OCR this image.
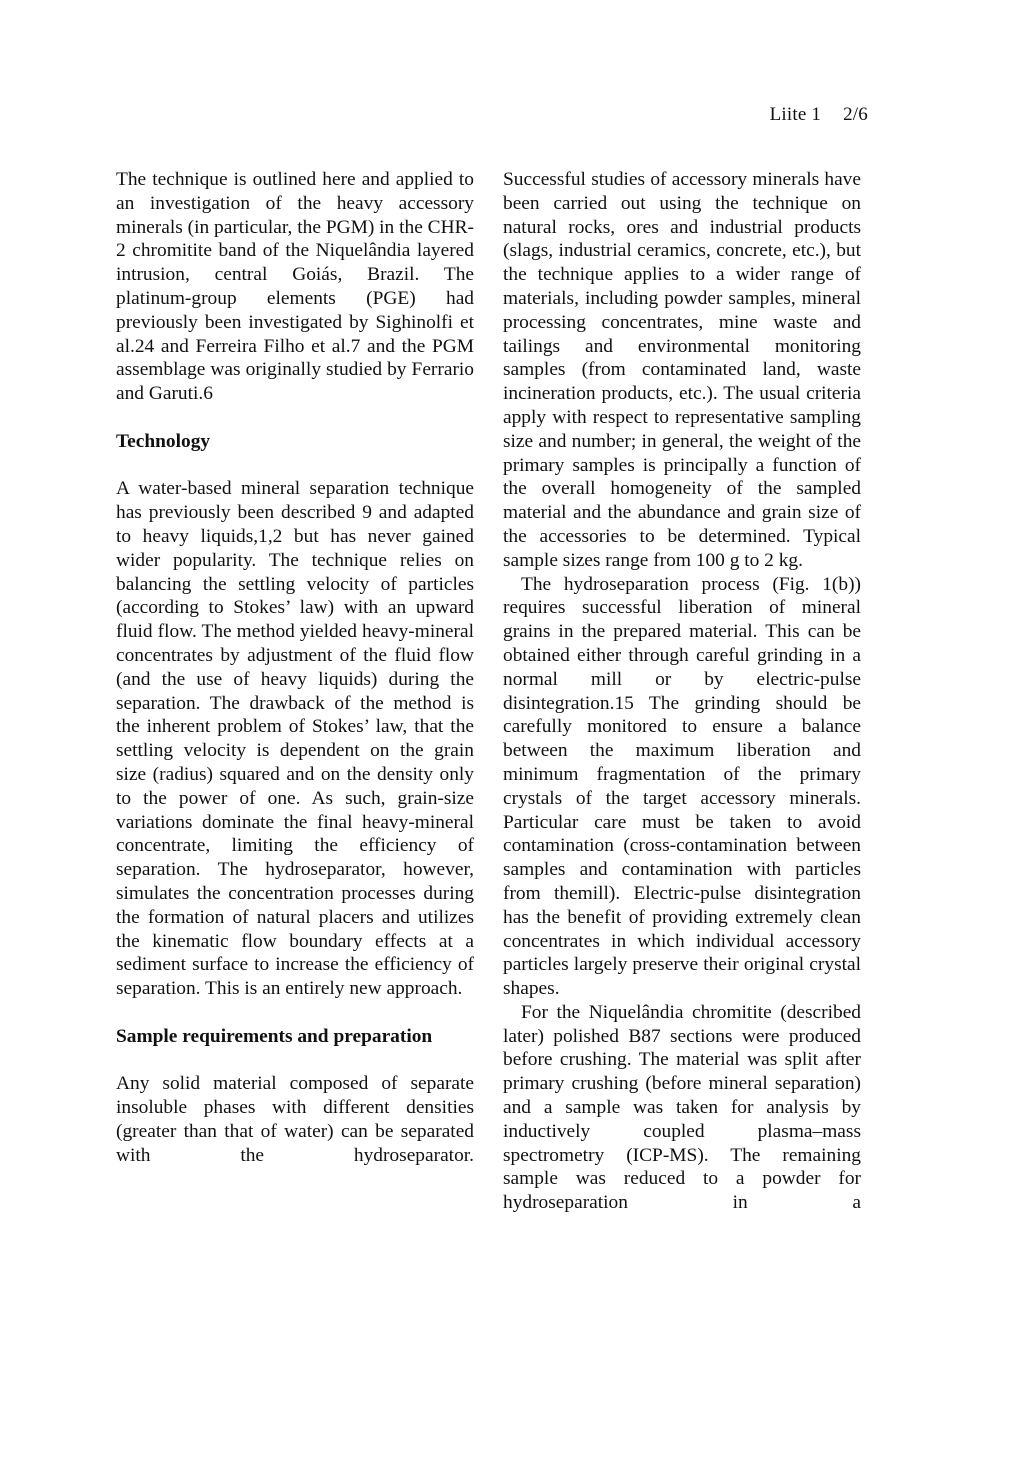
Liite 1 2/6

The technique is outlined here and applied to an investigation of the heavy accessory minerals (in particular, the PGM) in the CHR-2 chromitite band of the Niquelândia layered intrusion, central Goiás, Brazil. The platinum-group elements (PGE) had previously been investigated by Sighinolfi et al.24 and Ferreira Filho et al.7 and the PGM assemblage was originally studied by Ferrario and Garuti.6

Technology

A water-based mineral separation technique has previously been described 9 and adapted to heavy liquids,1,2 but has never gained wider popularity. The technique relies on balancing the settling velocity of particles (according to Stokes’ law) with an upward fluid flow. The method yielded heavy-mineral concentrates by adjustment of the fluid flow (and the use of heavy liquids) during the separation. The drawback of the method is the inherent problem of Stokes’ law, that the settling velocity is dependent on the grain size (radius) squared and on the density only to the power of one. As such, grain-size variations dominate the final heavy-mineral concentrate, limiting the efficiency of separation. The hydroseparator, however, simulates the concentration processes during the formation of natural placers and utilizes the kinematic flow boundary effects at a sediment surface to increase the efficiency of separation. This is an entirely new approach.

Sample requirements and preparation

Any solid material composed of separate insoluble phases with different densities (greater than that of water) can be separated with the hydroseparator.

Successful studies of accessory minerals have been carried out using the technique on natural rocks, ores and industrial products (slags, industrial ceramics, concrete, etc.), but the technique applies to a wider range of materials, including powder samples, mineral processing concentrates, mine waste and tailings and environmental monitoring samples (from contaminated land, waste incineration products, etc.). The usual criteria apply with respect to representative sampling size and number; in general, the weight of the primary samples is principally a function of the overall homogeneity of the sampled material and the abundance and grain size of the accessories to be determined. Typical sample sizes range from 100 g to 2 kg.

The hydroseparation process (Fig. 1(b)) requires successful liberation of mineral grains in the prepared material. This can be obtained either through careful grinding in a normal mill or by electric-pulse disintegration.15 The grinding should be carefully monitored to ensure a balance between the maximum liberation and minimum fragmentation of the primary crystals of the target accessory minerals. Particular care must be taken to avoid contamination (cross-contamination between samples and contamination with particles from themill). Electric-pulse disintegration has the benefit of providing extremely clean concentrates in which individual accessory particles largely preserve their original crystal shapes.

For the Niquelândia chromitite (described later) polished B87 sections were produced before crushing. The material was split after primary crushing (before mineral separation) and a sample was taken for analysis by inductively coupled plasma–mass spectrometry (ICP-MS). The remaining sample was reduced to a powder for hydroseparation in a
